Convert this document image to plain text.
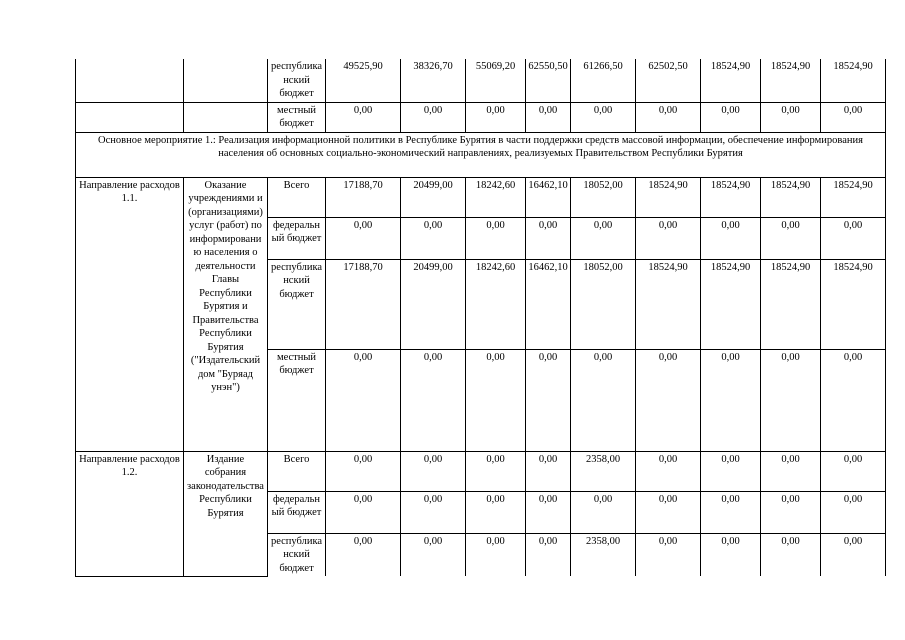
		республиканский бюджет	49525,90	38326,70	55069,20	62550,50	61266,50	62502,50	18524,90	18524,90	18524,90
		местный бюджет	0,00	0,00	0,00	0,00	0,00	0,00	0,00	0,00	0,00
Основное мероприятие 1.: Реализация информационной политики в Республике Бурятия в части поддержки средств массовой информации, обеспечение информирования населения об основных социально-экономический направлениях, реализуемых Правительством Республики Бурятия											
Направление расходов 1.1.	Оказание учреждениями и (организациями) услуг (работ) по информированию населения о деятельности Главы Республики Бурятия и Правительства Республики Бурятия ("Издательский дом "Буряад унэн")	Всего	17188,70	20499,00	18242,60	16462,10	18052,00	18524,90	18524,90	18524,90	18524,90
		федеральный бюджет	0,00	0,00	0,00	0,00	0,00	0,00	0,00	0,00	0,00
		республиканский бюджет	17188,70	20499,00	18242,60	16462,10	18052,00	18524,90	18524,90	18524,90	18524,90
		местный бюджет	0,00	0,00	0,00	0,00	0,00	0,00	0,00	0,00	0,00
Направление расходов 1.2.	Издание собрания законодательства Республики Бурятия	Всего	0,00	0,00	0,00	0,00	2358,00	0,00	0,00	0,00	0,00
		федеральный бюджет	0,00	0,00	0,00	0,00	0,00	0,00	0,00	0,00	0,00
		республиканский бюджет	0,00	0,00	0,00	0,00	2358,00	0,00	0,00	0,00	0,00
